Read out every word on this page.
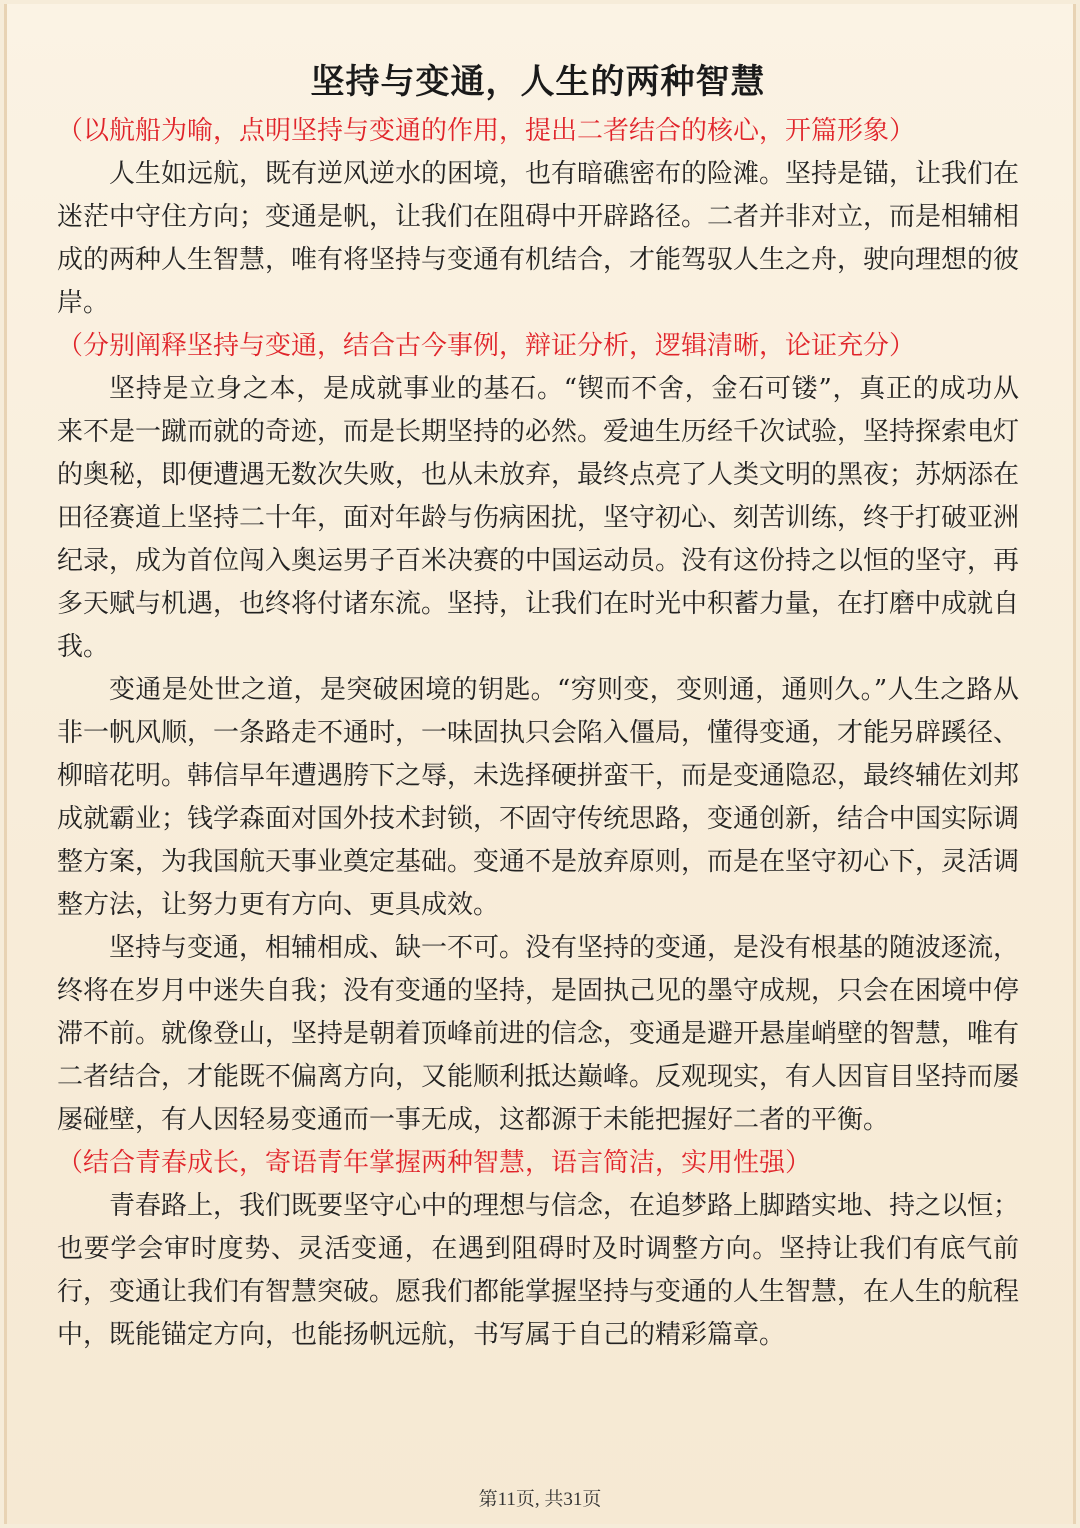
坚持与变通，人生的两种智慧

（以航船为喻，点明坚持与变通的作用，提出二者结合的核心，开篇形象）

人生如远航，既有逆风逆水的困境，也有暗礁密布的险滩。坚持是锚，让我们在迷茫中守住方向；变通是帆，让我们在阻碍中开辟路径。二者并非对立，而是相辅相成的两种人生智慧，唯有将坚持与变通有机结合，才能驾驭人生之舟，驶向理想的彼岸。

（分别阐释坚持与变通，结合古今事例，辩证分析，逻辑清晰，论证充分）

坚持是立身之本，是成就事业的基石。“锲而不舍，金石可镂”，真正的成功从来不是一蹴而就的奇迹，而是长期坚持的必然。爱迪生历经千次试验，坚持探索电灯的奥秘，即便遭遇无数次失败，也从未放弃，最终点亮了人类文明的黑夜；苏炳添在田径赛道上坚持二十年，面对年龄与伤病困扰，坚守初心、刻苦训练，终于打破亚洲纪录，成为首位闯入奥运男子百米决赛的中国运动员。没有这份持之以恒的坚守，再多天赋与机遇，也终将付诸东流。坚持，让我们在时光中积蓄力量，在打磨中成就自我。

变通是处世之道，是突破困境的钥匙。“穷则变，变则通，通则久。”人生之路从非一帆风顺，一条路走不通时，一味固执只会陷入僵局，懂得变通，才能另辟蹊径、柳暗花明。韩信早年遭遇胯下之辱，未选择硬拼蛮干，而是变通隐忍，最终辅佐刘邦成就霸业；钱学森面对国外技术封锁，不固守传统思路，变通创新，结合中国实际调整方案，为我国航天事业奠定基础。变通不是放弃原则，而是在坚守初心下，灵活调整方法，让努力更有方向、更具成效。

坚持与变通，相辅相成、缺一不可。没有坚持的变通，是没有根基的随波逐流，终将在岁月中迷失自我；没有变通的坚持，是固执己见的墨守成规，只会在困境中停滞不前。就像登山，坚持是朝着顶峰前进的信念，变通是避开悬崖峭壁的智慧，唯有二者结合，才能既不偏离方向，又能顺利抵达巅峰。反观现实，有人因盲目坚持而屡屡碰壁，有人因轻易变通而一事无成，这都源于未能把握好二者的平衡。

（结合青春成长，寄语青年掌握两种智慧，语言简洁，实用性强）

青春路上，我们既要坚守心中的理想与信念，在追梦路上脚踏实地、持之以恒；也要学会审时度势、灵活变通，在遇到阻碍时及时调整方向。坚持让我们有底气前行，变通让我们有智慧突破。愿我们都能掌握坚持与变通的人生智慧，在人生的航程中，既能锚定方向，也能扬帆远航，书写属于自己的精彩篇章。

第11页, 共31页
